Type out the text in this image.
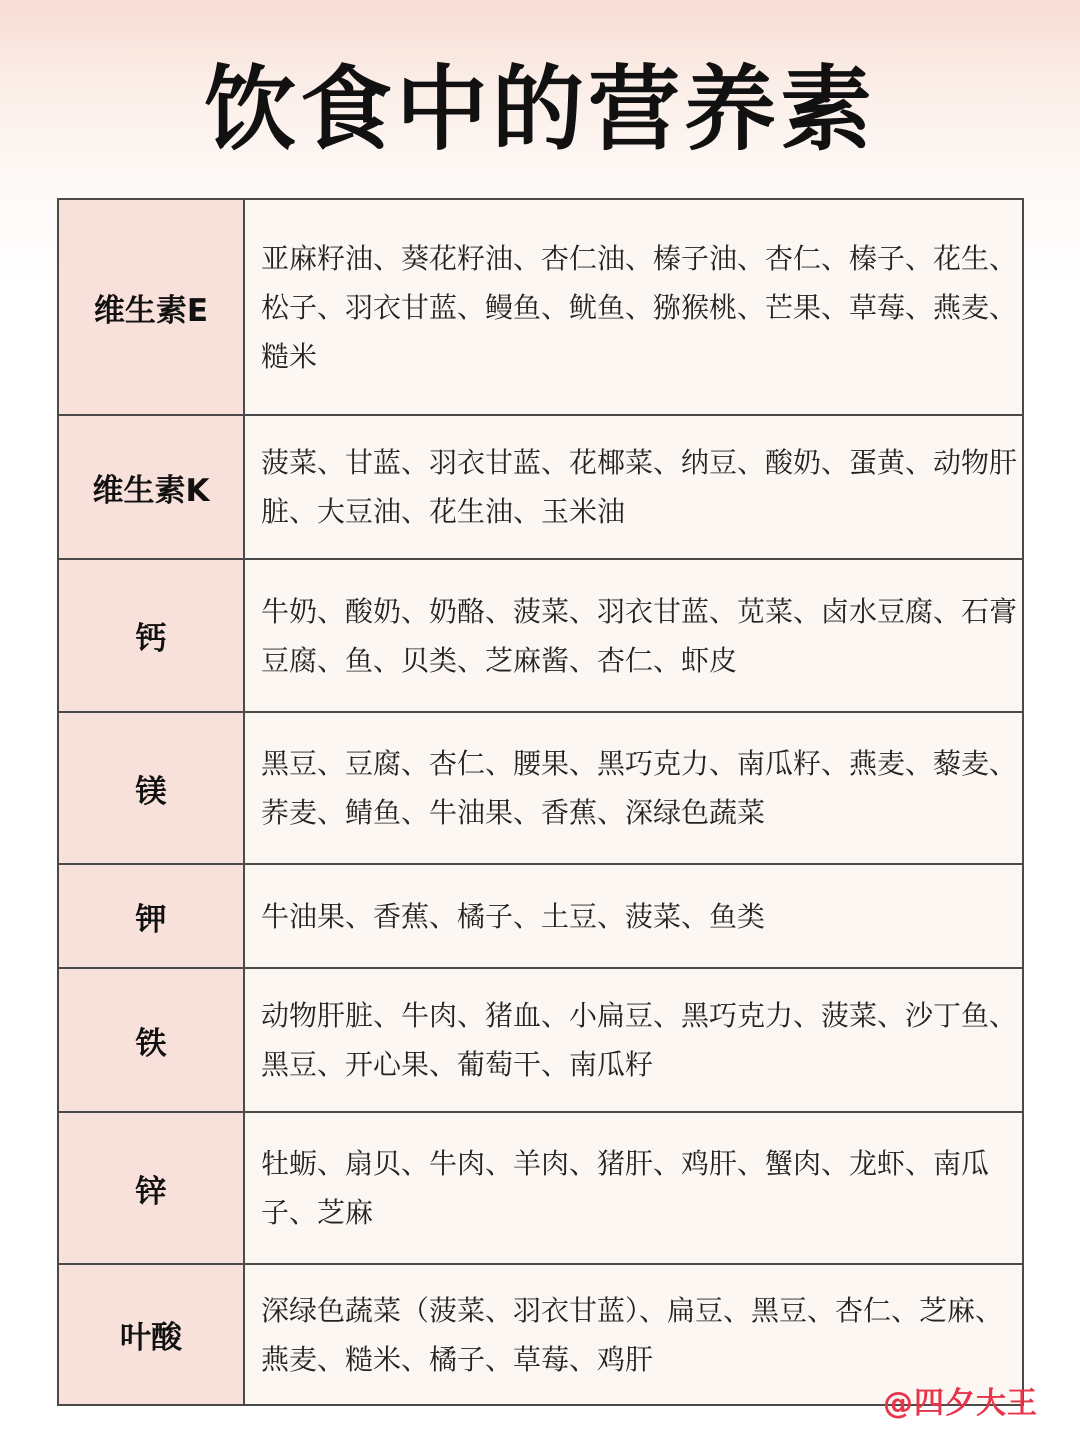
饮食中的营养素
维生素E
亚麻籽油、葵花籽油、杏仁油、榛子油、杏仁、榛子、花生、松子、羽衣甘蓝、鳗鱼、鱿鱼、猕猴桃、芒果、草莓、燕麦、糙米
维生素K
菠菜、甘蓝、羽衣甘蓝、花椰菜、纳豆、酸奶、蛋黄、动物肝脏、大豆油、花生油、玉米油
钙
牛奶、酸奶、奶酪、菠菜、羽衣甘蓝、苋菜、卤水豆腐、石膏豆腐、鱼、贝类、芝麻酱、杏仁、虾皮
镁
黑豆、豆腐、杏仁、腰果、黑巧克力、南瓜籽、燕麦、藜麦、荞麦、鲭鱼、牛油果、香蕉、深绿色蔬菜
钾	牛油果、香蕉、橘子、土豆、菠菜、鱼类
铁
动物肝脏、牛肉、猪血、小扁豆、黑巧克力、菠菜、沙丁鱼、黑豆、开心果、葡萄干、南瓜籽
锌
牡蛎、扇贝、牛肉、羊肉、猪肝、鸡肝、蟹肉、龙虾、南瓜子、芝麻
叶酸
深绿色蔬菜（菠菜、羽衣甘蓝）、扁豆、黑豆、杏仁、芝麻、燕麦、糙米、橘子、草莓、鸡肝
@四夕大王
